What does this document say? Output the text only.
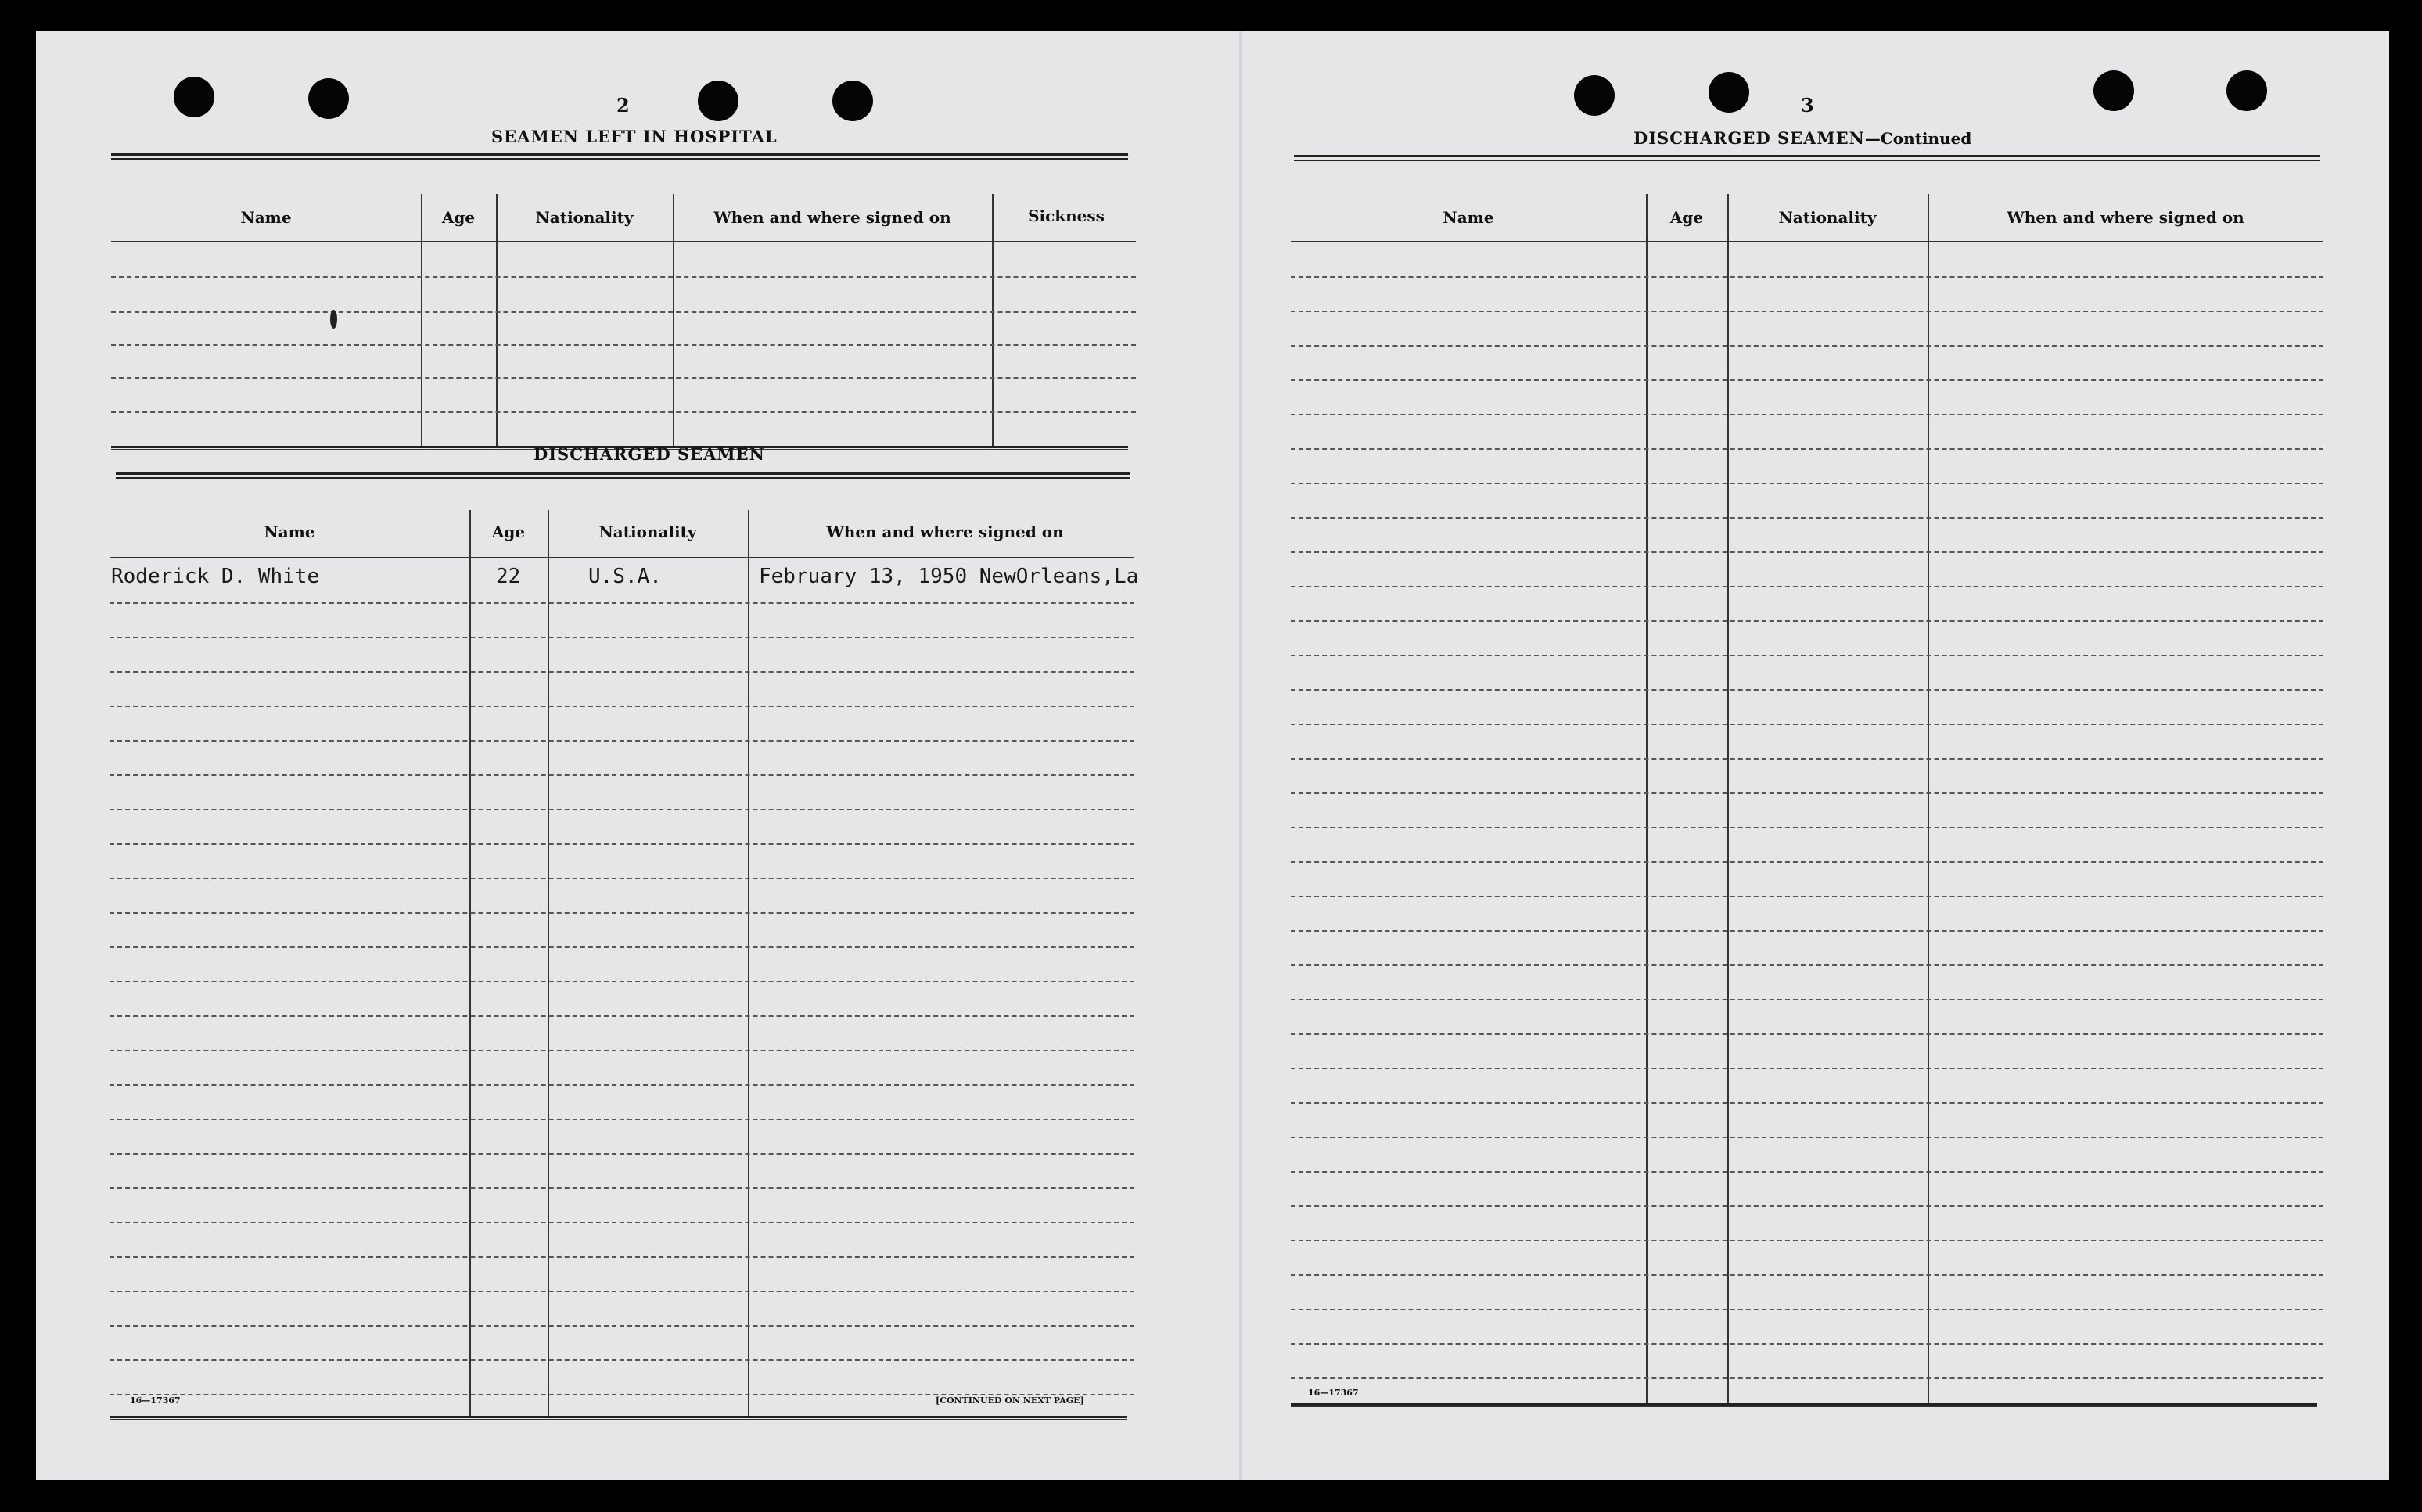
2
SEAMEN LEFT IN HOSPITAL
Name	Age	Nationality	When and where signed on	Sickness
DISCHARGED SEAMEN
Name	Age	Nationality	When and where signed on
Roderick D. White	22	U.S.A.	February 13, 1950 NewOrleans,La
16—17367	[CONTINUED ON NEXT PAGE]
3
DISCHARGED SEAMEN—Continued
Name	Age	Nationality	When and where signed on
16—17367
